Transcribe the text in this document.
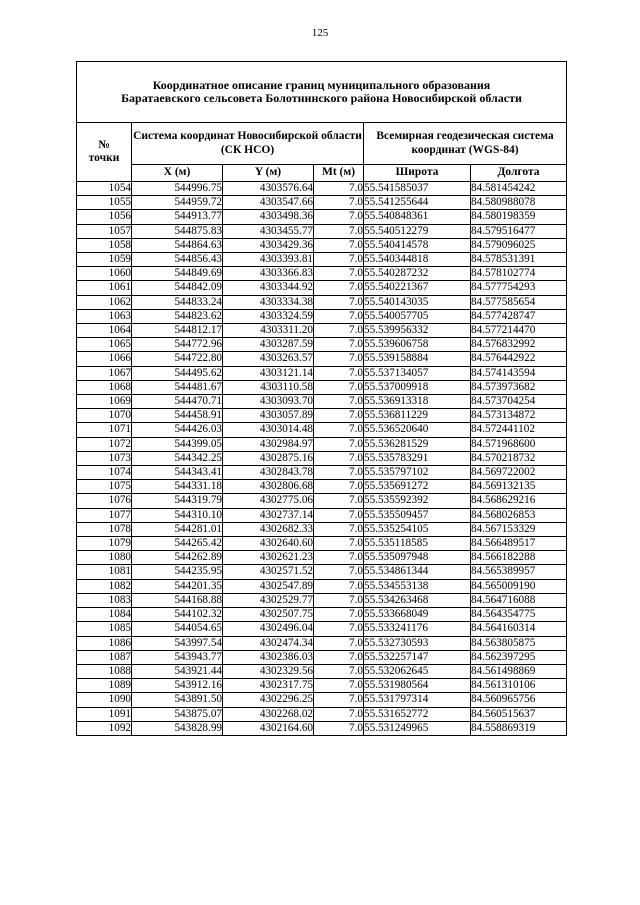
125
Координатное описание границ муниципального образования
Баратаевского сельсовета Болотнинского района Новосибирской области					

№
точки	Система координат Новосибирской области (СК НСО)			Всемирная геодезическая система координат (WGS-84)	
	X (м)	Y (м)	Mt (м)	Широта	Долгота
1054	544996.75	4303576.64	7.0	55.541585037	84.581454242
1055	544959.72	4303547.66	7.0	55.541255644	84.580988078
1056	544913.77	4303498.36	7.0	55.540848361	84.580198359
1057	544875.83	4303455.77	7.0	55.540512279	84.579516477
1058	544864.63	4303429.36	7.0	55.540414578	84.579096025
1059	544856.43	4303393.81	7.0	55.540344818	84.578531391
1060	544849.69	4303366.83	7.0	55.540287232	84.578102774
1061	544842.09	4303344.92	7.0	55.540221367	84.577754293
1062	544833.24	4303334.38	7.0	55.540143035	84.577585654
1063	544823.62	4303324.59	7.0	55.540057705	84.577428747
1064	544812.17	4303311.20	7.0	55.539956332	84.577214470
1065	544772.96	4303287.59	7.0	55.539606758	84.576832992
1066	544722.80	4303263.57	7.0	55.539158884	84.576442922
1067	544495.62	4303121.14	7.0	55.537134057	84.574143594
1068	544481.67	4303110.58	7.0	55.537009918	84.573973682
1069	544470.71	4303093.70	7.0	55.536913318	84.573704254
1070	544458.91	4303057.89	7.0	55.536811229	84.573134872
1071	544426.03	4303014.48	7.0	55.536520640	84.572441102
1072	544399.05	4302984.97	7.0	55.536281529	84.571968600
1073	544342.25	4302875.16	7.0	55.535783291	84.570218732
1074	544343.41	4302843.78	7.0	55.535797102	84.569722002
1075	544331.18	4302806.68	7.0	55.535691272	84.569132135
1076	544319.79	4302775.06	7.0	55.535592392	84.568629216
1077	544310.10	4302737.14	7.0	55.535509457	84.568026853
1078	544281.01	4302682.33	7.0	55.535254105	84.567153329
1079	544265.42	4302640.60	7.0	55.535118585	84.566489517
1080	544262.89	4302621.23	7.0	55.535097948	84.566182288
1081	544235.95	4302571.52	7.0	55.534861344	84.565389957
1082	544201.35	4302547.89	7.0	55.534553138	84.565009190
1083	544168.88	4302529.77	7.0	55.534263468	84.564716088
1084	544102.32	4302507.75	7.0	55.533668049	84.564354775
1085	544054.65	4302496.04	7.0	55.533241176	84.564160314
1086	543997.54	4302474.34	7.0	55.532730593	84.563805875
1087	543943.77	4302386.03	7.0	55.532257147	84.562397295
1088	543921.44	4302329.56	7.0	55.532062645	84.561498869
1089	543912.16	4302317.75	7.0	55.531980564	84.561310106
1090	543891.50	4302296.25	7.0	55.531797314	84.560965756
1091	543875.07	4302268.02	7.0	55.531652772	84.560515637
1092	543828.99	4302164.60	7.0	55.531249965	84.558869319
